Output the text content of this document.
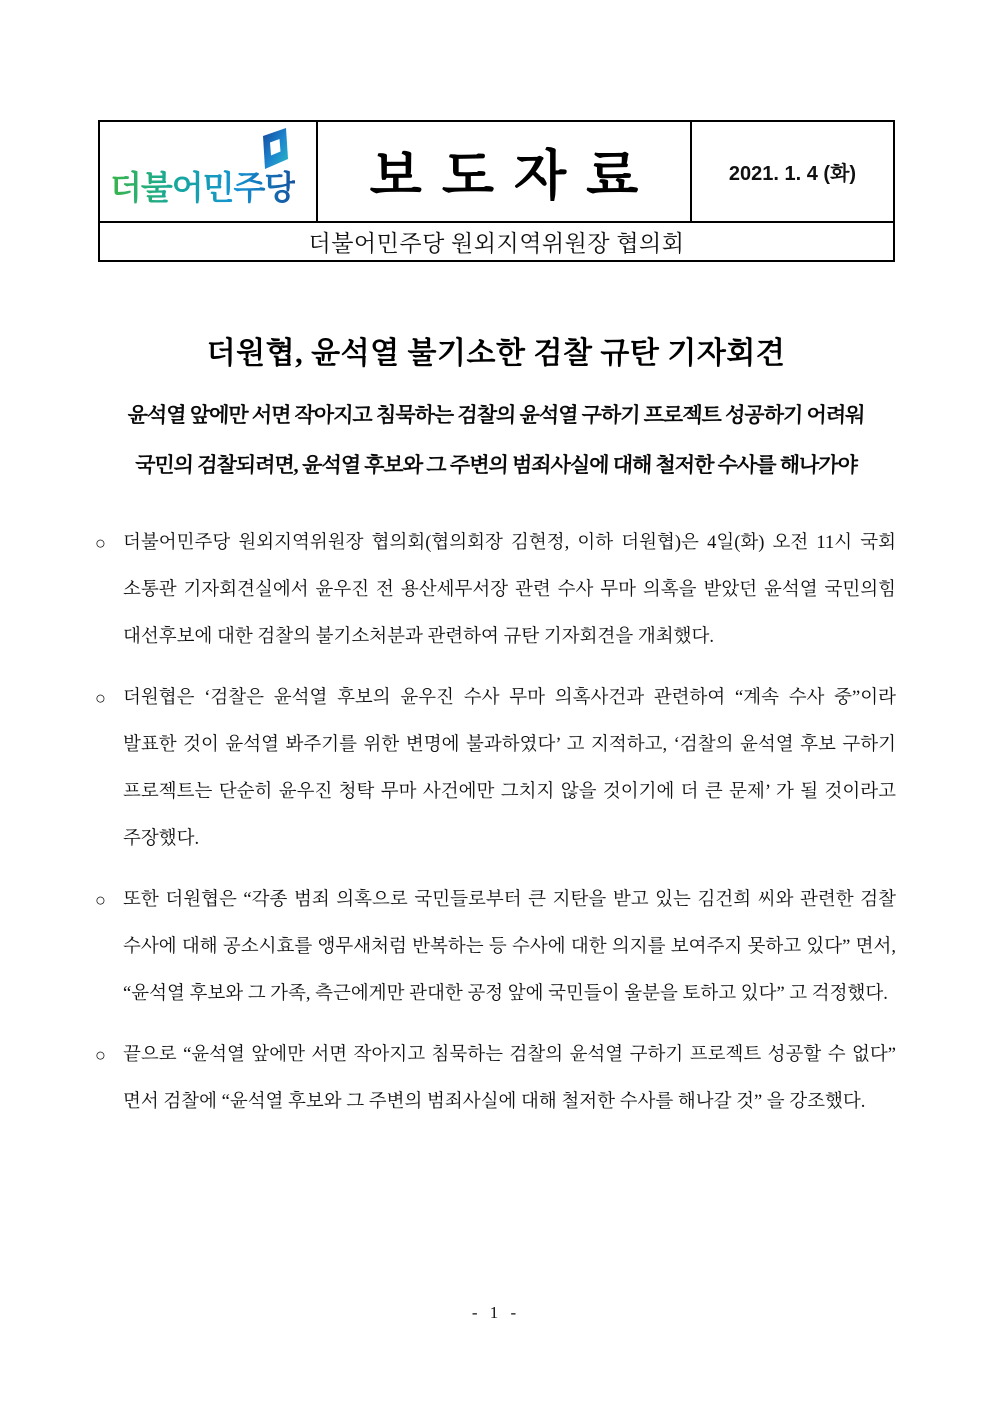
더불어민주당	보도자료	2021. 1. 4 (화)
더불어민주당 원외지역위원장 협의회
더원협, 윤석열 불기소한 검찰 규탄 기자회견
윤석열 앞에만 서면 작아지고 침묵하는 검찰의 윤석열 구하기 프로젝트 성공하기 어려워
국민의 검찰되려면, 윤석열 후보와 그 주변의 범죄사실에 대해 철저한 수사를 해나가야
○ 더불어민주당 원외지역위원장 협의회(협의회장 김현정, 이하 더원협)은 4일(화) 오전 11시 국회 소통관 기자회견실에서 윤우진 전 용산세무서장 관련 수사 무마 의혹을 받았던 윤석열 국민의힘 대선후보에 대한 검찰의 불기소처분과 관련하여 규탄 기자회견을 개최했다.
○ 더원협은 ‘검찰은 윤석열 후보의 윤우진 수사 무마 의혹사건과 관련하여 “계속 수사 중”이라 발표한 것이 윤석열 봐주기를 위한 변명에 불과하였다’ 고 지적하고, ‘검찰의 윤석열 후보 구하기 프로젝트는 단순히 윤우진 청탁 무마 사건에만 그치지 않을 것이기에 더 큰 문제’ 가 될 것이라고 주장했다.
○ 또한 더원협은 “각종 범죄 의혹으로 국민들로부터 큰 지탄을 받고 있는 김건희 씨와 관련한 검찰 수사에 대해 공소시효를 앵무새처럼 반복하는 등 수사에 대한 의지를 보여주지 못하고 있다” 면서, “윤석열 후보와 그 가족, 측근에게만 관대한 공정 앞에 국민들이 울분을 토하고 있다” 고 걱정했다.
○ 끝으로 “윤석열 앞에만 서면 작아지고 침묵하는 검찰의 윤석열 구하기 프로젝트 성공할 수 없다” 면서 검찰에 “윤석열 후보와 그 주변의 범죄사실에 대해 철저한 수사를 해나갈 것” 을 강조했다.
- 1 -
